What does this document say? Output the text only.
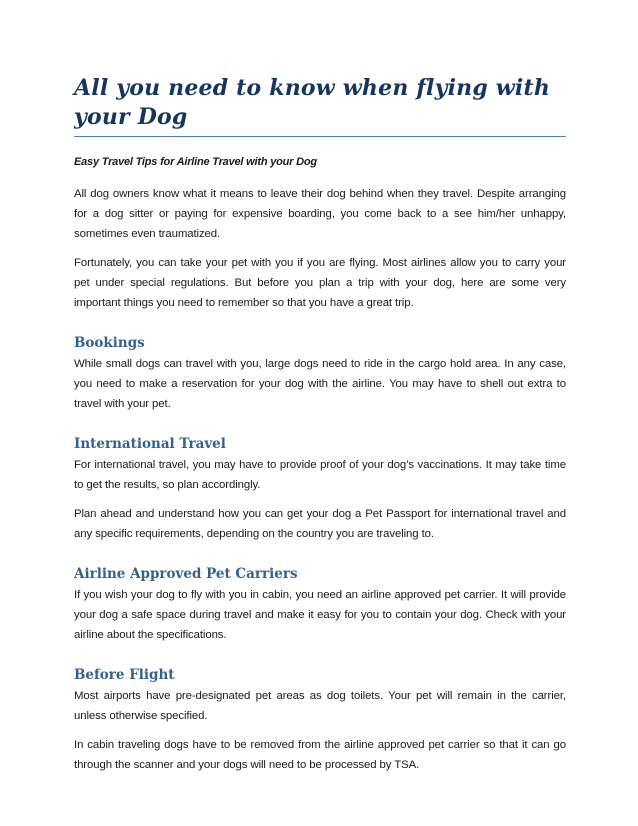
All you need to know when flying with your Dog

Easy Travel Tips for Airline Travel with your Dog

All dog owners know what it means to leave their dog behind when they travel. Despite arranging for a dog sitter or paying for expensive boarding, you come back to a see him/her unhappy, sometimes even traumatized.

Fortunately, you can take your pet with you if you are flying. Most airlines allow you to carry your pet under special regulations. But before you plan a trip with your dog, here are some very important things you need to remember so that you have a great trip.

Bookings

While small dogs can travel with you, large dogs need to ride in the cargo hold area. In any case, you need to make a reservation for your dog with the airline. You may have to shell out extra to travel with your pet.

International Travel

For international travel, you may have to provide proof of your dog’s vaccinations. It may take time to get the results, so plan accordingly.

Plan ahead and understand how you can get your dog a Pet Passport for international travel and any specific requirements, depending on the country you are traveling to.

Airline Approved Pet Carriers

If you wish your dog to fly with you in cabin, you need an airline approved pet carrier. It will provide your dog a safe space during travel and make it easy for you to contain your dog. Check with your airline about the specifications.

Before Flight

Most airports have pre-designated pet areas as dog toilets. Your pet will remain in the carrier, unless otherwise specified.

In cabin traveling dogs have to be removed from the airline approved pet carrier so that it can go through the scanner and your dogs will need to be processed by TSA.
